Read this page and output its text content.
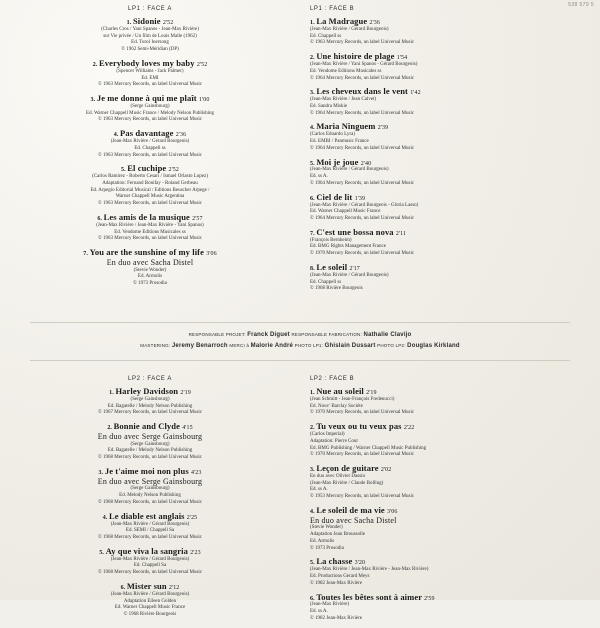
538 579 5
LP1 : FACE A
1. Sidonie 2'52
(Charles Cros / Yani Spanos - Jean-Max Rivière)
sur Vie privée / Un film de Louis Malle (1962)
Ed. Turol Inersong
© 1962 Semi-Méridian (DP)
2. Everybody loves my baby 2'52
(Spencer Williams - Jack Palmer)
Ed. EMI
© 1963 Mercury Records, un label Universal Music
3. Je me donne à qui me plaît 1'00
(Serge Gainsbourg)
Ed. Warner Chappell Music France / Melody Nelson Publishing
© 1963 Mercury Records, un label Universal Music
4. Pas davantage 2'36
(Jean-Max Rivière / Gérard Bourgeois)
Ed. Chappell ss
© 1963 Mercury Records, un label Universal Music
5. El cuchipe 2'52
(Carlos Ramirez - Roberto Cesari / Ismael Orlasto Lopez)
Adaptation: Fernand Bonifay - Roland Gerbeau
Ed. Arpegio Editorial Musical / Editions Beuscher Arpege /
Warner Chappell Music Argentina
© 1963 Mercury Records, un label Universal Music
6. Les amis de la musique 2'57
(Jean-Max Rivière / Jean-Max Rivière - Yani Spanos)
Ed. Vendome Editions Musicales ss
© 1963 Mercury Records, un label Universal Music
7. You are the sunshine of my life 3'06
En duo avec Sacha Distel
(Stevie Wonder)
Ed. Armolis
© 1973 Prosodia
LP1 : FACE B
1. La Madrague 2'36
(Jean-Max Rivière / Gérard Bourgeois)
Ed. Chappell ss
© 1963 Mercury Records, un label Universal Music
2. Une histoire de plage 1'54
(Jean-Max Rivière / Yani Spanos - Gérard Bourgeois)
Ed. Vendome Editions Musicales ss
© 1964 Mercury Records, un label Universal Music
3. Les cheveux dans le vent 1'42
(Jean-Max Rivière / Jean Calvet)
Ed. Sandra Miskie
© 1964 Mercury Records, un label Universal Music
4. Maria Ninguem 2'39
(Carlos Eduardo Lyra)
Ed. EMBI / Panmusic France
© 1964 Mercury Records, un label Universal Music
5. Moi je joue 2'40
(Jean-Max Rivière / Gérard Bourgeois)
Ed. ss A.
© 1964 Mercury Records, un label Universal Music
6. Ciel de lit 1'39
(Jean-Max Rivière / Gérard Bourgeois - Gloria Lasso)
Ed. Warner Chappell Music France
© 1964 Mercury Records, un label Universal Music
7. C'est une bossa nova 2'11
(François Bernheim)
Ed. BMG Rights Management France
© 1970 Mercury Records, un label Universal Music
8. Le soleil 2'17
(Jean-Max Rivière / Gérard Bourgeois)
Ed. Chappell ss
© 1968 Rivière Bourgeois
RESPONSABLE PROJET: Franck Diguet RESPONSABLE FABRICATION: Nathalie Clavijo
MASTERING: Jeremy Benarroch MERCI à Malorie André PHOTO LP1: Ghislain Dussart PHOTO LP2: Douglas Kirkland
LP2 : FACE A
1. Harley Davidson 2'19
(Serge Gainsbourg)
Ed. Bagatelle / Melody Nelson Publishing
© 1967 Mercury Records, un label Universal Music
2. Bonnie and Clyde 4'15
En duo avec Serge Gainsbourg
(Serge Gainsbourg)
Ed. Bagatelle / Melody Nelson Publishing
© 1968 Mercury Records, un label Universal Music
3. Je t'aime moi non plus 4'23
En duo avec Serge Gainsbourg
(Serge Gainsbourg)
Ed. Melody Nelson Publishing
© 1968 Mercury Records, un label Universal Music
4. Le diable est anglais 2'25
(Jean-Max Rivière / Gérard Bourgeois)
Ed. SEMI / Chappell Sa
© 1968 Mercury Records, un label Universal Music
5. Ay que viva la sangria 2'23
(Jean-Max Rivière / Gérard Bourgeois)
Ed. Chappell Sa
© 1968 Mercury Records, un label Universal Music
6. Mister sun 2'12
(Jean-Max Rivière / Gérard Bourgeois)
Adaptation Eileen Golden
Ed. Warner Chappell Music France
© 1968 Rivière Bourgeois
LP2 : FACE B
1. Nue au soleil 2'19
(Jean Schmitt - Jean-François Fredenucci)
Ed. Nouv' Barclay Sociéte
© 1970 Mercury Records, un label Universal Music
2. Tu veux ou tu veux pas 2'22
(Carlos Imperial)
Adaptation: Pierre Cour
Ed. BMG Publishing / Warner Chappell Music Publishing
© 1970 Mercury Records, un label Universal Music
3. Leçon de guitare 2'02
En duo avec Olivier Dassin
(Jean-Max Rivière / Claude Bolling)
Ed. ss A.
© 1953 Mercury Records, un label Universal Music
4. Le soleil de ma vie 3'06
En duo avec Sacha Distel
(Stevie Wonder)
Adaptation Jean Broussolle
Ed. Armolis
© 1973 Prosodia
5. La chasse 3'20
(Jean-Max Rivière / Jean-Max Rivière - Jean-Max Rivière)
Ed. Productions Gerard Meys
© 1982 Jean-Max Rivière
6. Toutes les bêtes sont à aimer 2'59
(Jean-Max Rivière)
Ed. ss A.
© 1982 Jean-Max Rivière
